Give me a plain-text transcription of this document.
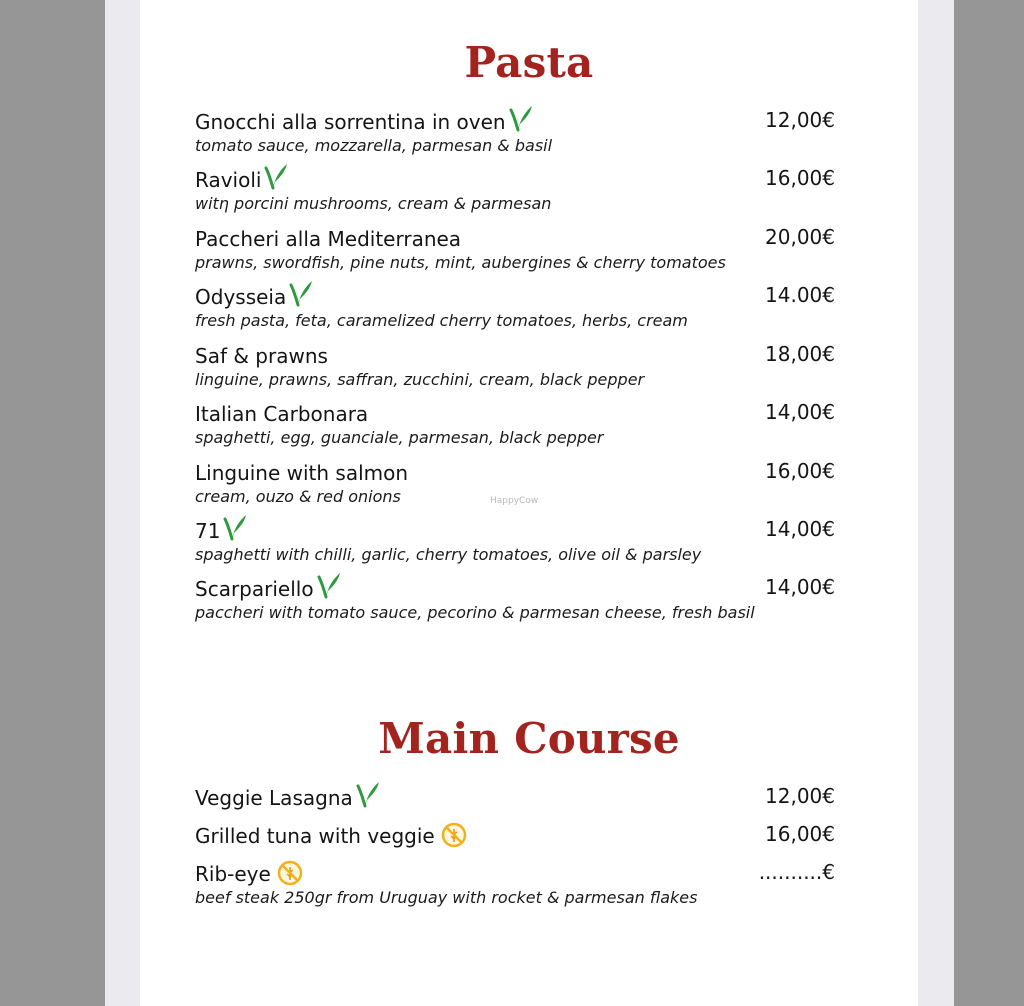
Pasta
Gnocchi alla sorrentina in oven
tomato sauce, mozzarella, parmesan & basil
12,00€
Ravioli
witη porcini mushrooms, cream & parmesan
16,00€
Paccheri alla Mediterranea
prawns, swordfish, pine nuts, mint, aubergines & cherry tomatoes
20,00€
Odysseia
fresh pasta, feta, caramelized cherry tomatoes, herbs, cream
14.00€
Saf & prawns
linguine, prawns, saffran, zucchini, cream, black pepper
18,00€
Italian Carbonara
spaghetti, egg, guanciale, parmesan, black pepper
14,00€
Linguine with salmon
cream, ouzo & red onions
16,00€
71
spaghetti with chilli, garlic, cherry tomatoes, olive oil & parsley
14,00€
Scarpariello
paccheri with tomato sauce, pecorino & parmesan cheese, fresh basil
14,00€
Main Course
Veggie Lasagna	12,00€
Grilled tuna with veggie	16,00€
Rib-eye
beef steak 250gr from Uruguay with rocket & parmesan flakes
..........€
HappyCow
